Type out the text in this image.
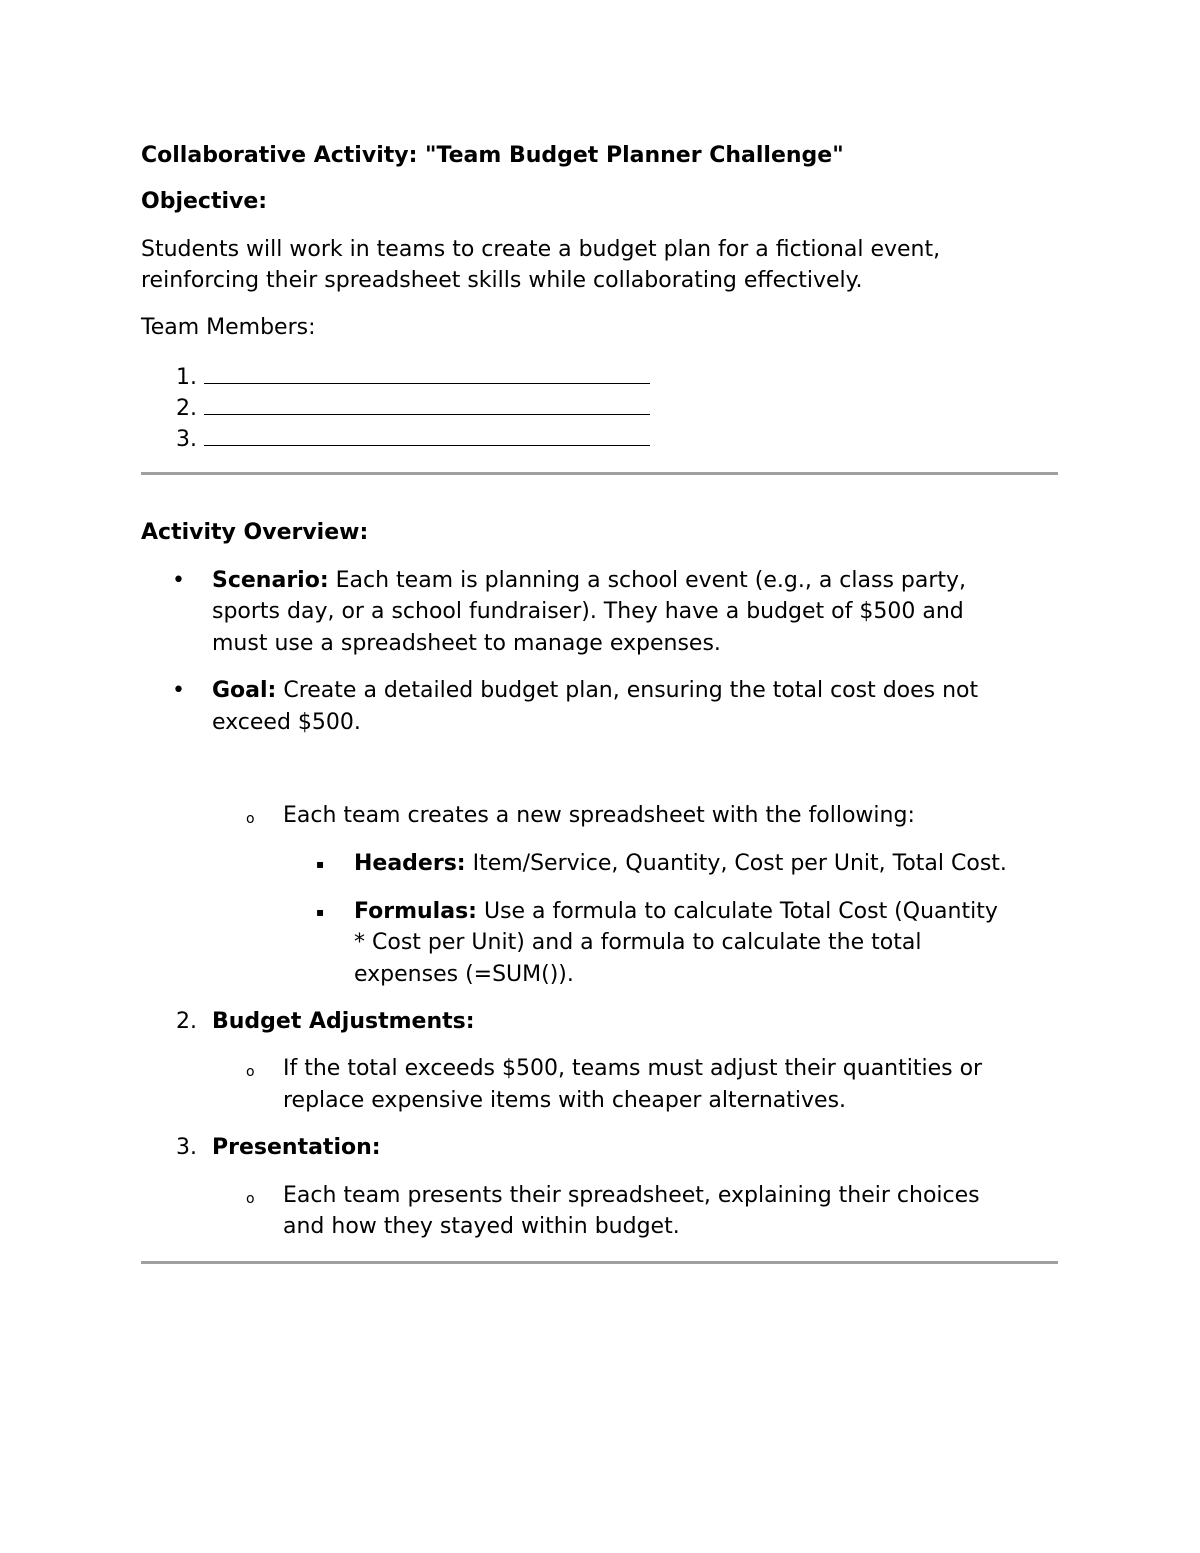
Collaborative Activity: "Team Budget Planner Challenge"
Objective:
Students will work in teams to create a budget plan for a fictional event,
reinforcing their spreadsheet skills while collaborating effectively.
Team Members:
1.
2.
3.
Activity Overview:
• Scenario: Each team is planning a school event (e.g., a class party,
sports day, or a school fundraiser). They have a budget of $500 and
must use a spreadsheet to manage expenses.
• Goal: Create a detailed budget plan, ensuring the total cost does not
exceed $500.
o Each team creates a new spreadsheet with the following:
▪ Headers: Item/Service, Quantity, Cost per Unit, Total Cost.
▪ Formulas: Use a formula to calculate Total Cost (Quantity
* Cost per Unit) and a formula to calculate the total
expenses (=SUM()).
2. Budget Adjustments:
o If the total exceeds $500, teams must adjust their quantities or
replace expensive items with cheaper alternatives.
3. Presentation:
o Each team presents their spreadsheet, explaining their choices
and how they stayed within budget.
